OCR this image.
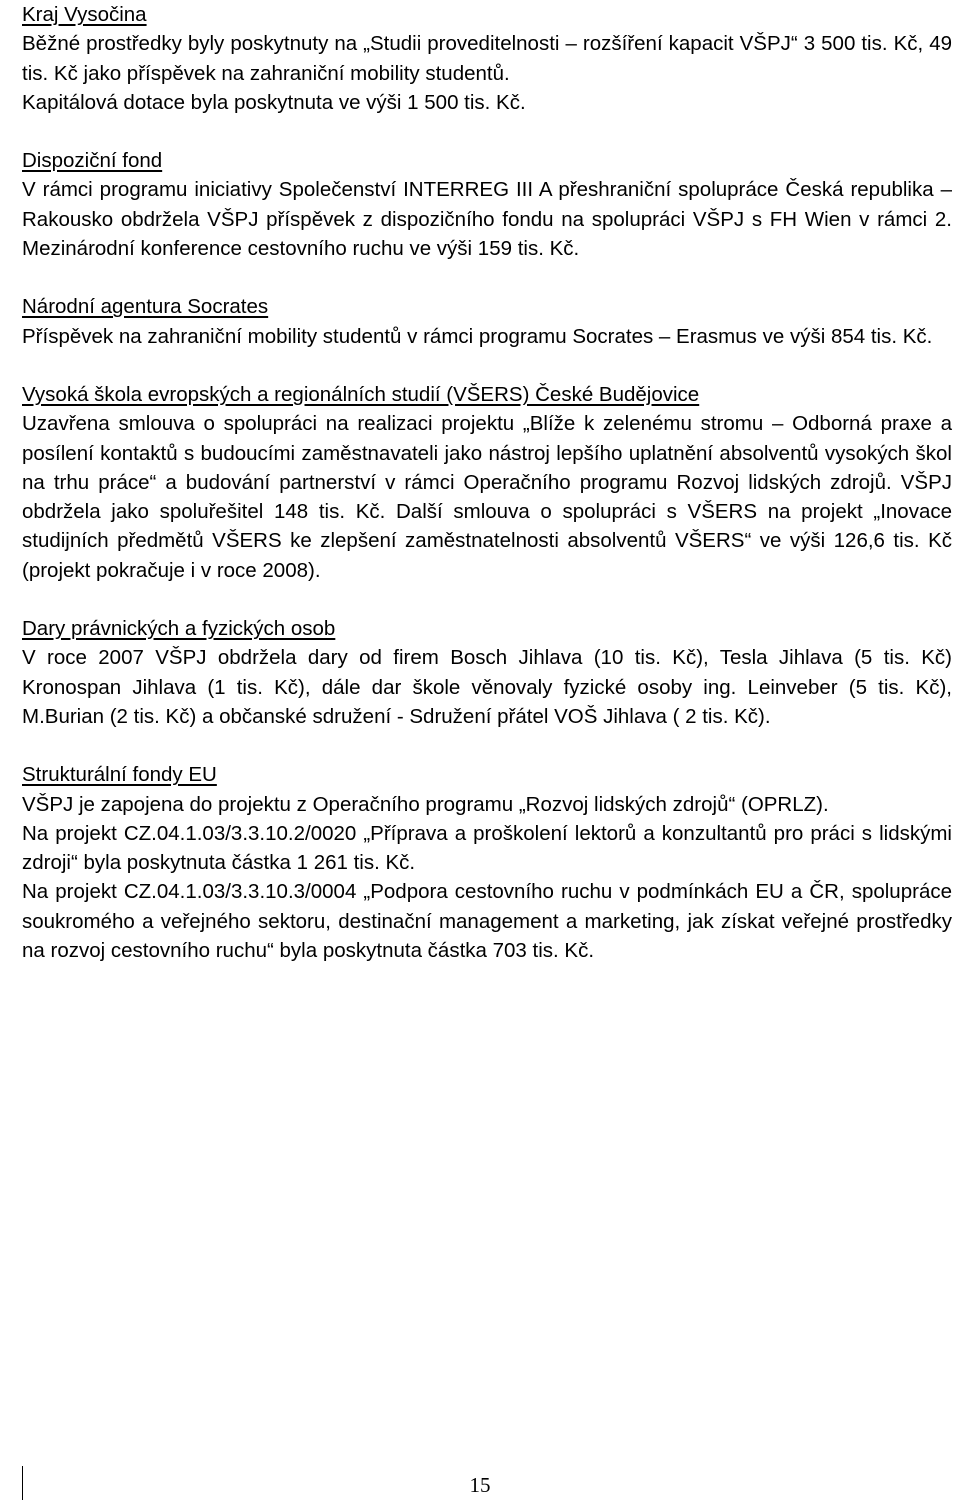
Kraj Vysočina
Běžné prostředky byly poskytnuty na „Studii proveditelnosti – rozšíření kapacit VŠPJ“ 3 500 tis. Kč, 49 tis. Kč jako příspěvek na zahraniční mobility studentů.
Kapitálová dotace byla poskytnuta ve výši 1 500 tis. Kč.
Dispoziční fond
V rámci programu iniciativy Společenství INTERREG III A přeshraniční spolupráce Česká republika – Rakousko obdržela VŠPJ příspěvek z dispozičního fondu na spolupráci VŠPJ s FH Wien v rámci 2. Mezinárodní konference cestovního ruchu ve výši 159 tis. Kč.
Národní agentura Socrates
Příspěvek na zahraniční mobility studentů v rámci programu Socrates – Erasmus ve výši 854 tis. Kč.
Vysoká škola evropských a regionálních studií (VŠERS) České Budějovice
Uzavřena smlouva o spolupráci na realizaci projektu „Blíže k zelenému stromu – Odborná praxe a posílení kontaktů s budoucími zaměstnavateli jako nástroj lepšího uplatnění absolventů vysokých škol na trhu práce“ a budování partnerství v rámci Operačního programu Rozvoj lidských zdrojů. VŠPJ obdržela jako spoluřešitel 148 tis. Kč. Další smlouva o spolupráci s VŠERS na projekt „Inovace studijních předmětů VŠERS ke zlepšení zaměstnatelnosti absolventů VŠERS“ ve výši 126,6 tis. Kč (projekt pokračuje i v roce 2008).
Dary právnických a fyzických osob
V roce 2007 VŠPJ obdržela dary od firem Bosch Jihlava (10 tis. Kč), Tesla Jihlava (5 tis. Kč) Kronospan Jihlava (1 tis. Kč), dále dar škole věnovaly fyzické osoby ing. Leinveber (5 tis. Kč), M.Burian (2 tis. Kč) a občanské sdružení - Sdružení přátel VOŠ Jihlava ( 2 tis. Kč).
Strukturální fondy EU
VŠPJ je zapojena do projektu z Operačního programu „Rozvoj lidských zdrojů“ (OPRLZ).
Na projekt CZ.04.1.03/3.3.10.2/0020 „Příprava a proškolení lektorů a konzultantů pro práci s lidskými zdroji“ byla poskytnuta částka 1 261 tis. Kč.
Na projekt CZ.04.1.03/3.3.10.3/0004 „Podpora cestovního ruchu v podmínkách EU a ČR, spolupráce soukromého a veřejného sektoru, destinační management a marketing, jak získat veřejné prostředky na rozvoj cestovního ruchu“ byla poskytnuta částka 703 tis. Kč.
15
